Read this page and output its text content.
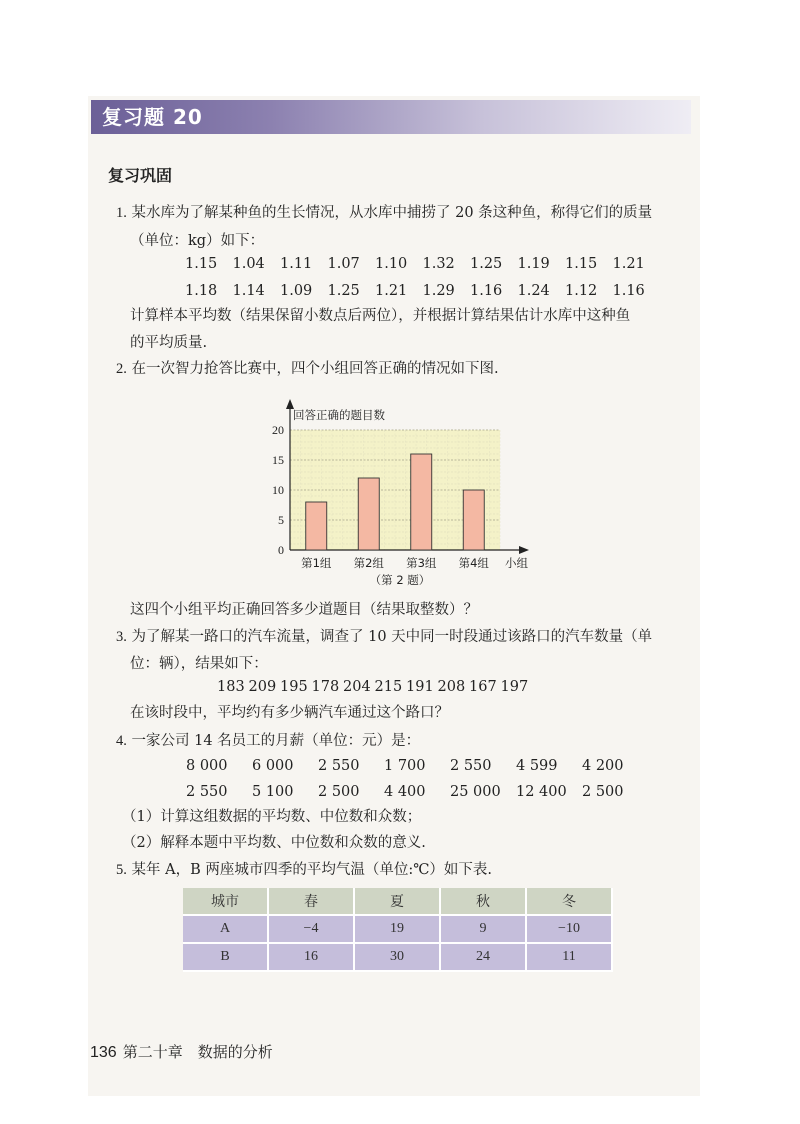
复习题 20
复习巩固
1. 某水库为了解某种鱼的生长情况，从水库中捕捞了 20 条这种鱼，称得它们的质量
（单位：kg）如下：
1.15	1.04	1.11	1.07	1.10	1.32	1.25	1.19	1.15	1.21
1.18	1.14	1.09	1.25	1.21	1.29	1.16	1.24	1.12	1.16
计算样本平均数（结果保留小数点后两位），并根据计算结果估计水库中这种鱼
的平均质量.
2. 在一次智力抢答比赛中，四个小组回答正确的情况如下图.
0
5
10
15
20
第1组 第2组 第3组 第4组
回答正确的题目数
小组
（第 2 题）
这四个小组平均正确回答多少道题目（结果取整数）？
3. 为了解某一路口的汽车流量，调查了 10 天中同一时段通过该路口的汽车数量（单
位：辆），结果如下：
183 209 195 178 204 215 191 208 167 197
在该时段中，平均约有多少辆汽车通过这个路口？
4. 一家公司 14 名员工的月薪（单位：元）是：
8 000	6 000	2 550	1 700	2 550	4 599	4 200
2 550	5 100	2 500	4 400	25 000	12 400	2 500
（1）计算这组数据的平均数、中位数和众数；
（2）解释本题中平均数、中位数和众数的意义.
5. 某年 A，B 两座城市四季的平均气温（单位:℃）如下表.
城市	春	夏	秋	冬
A	−4	19	9	−10
B	16	30	24	11
136 第二十章　数据的分析
